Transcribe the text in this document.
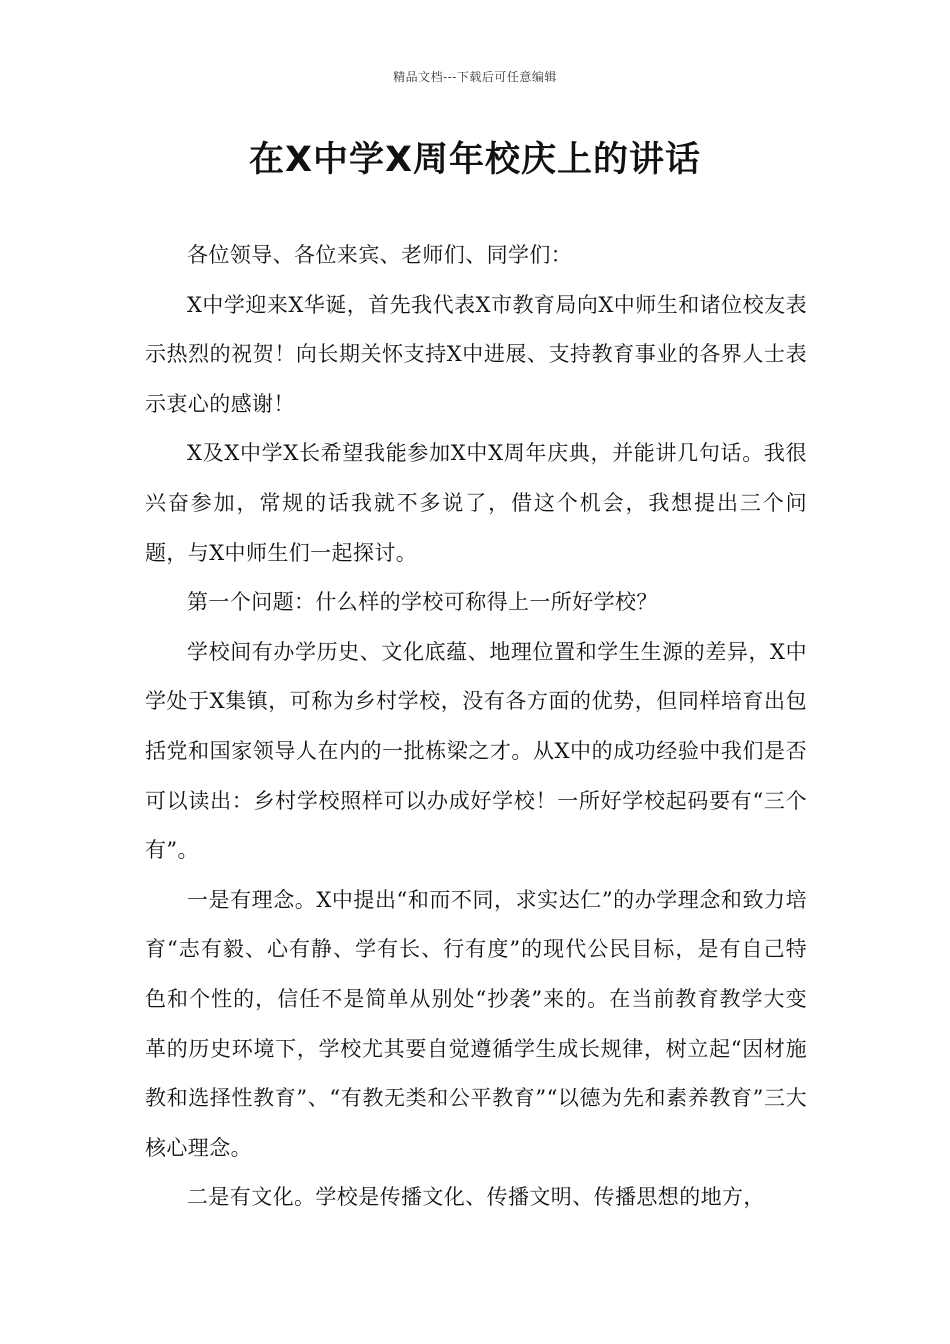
精品文档---下载后可任意编辑
在X中学X周年校庆上的讲话

各位领导、各位来宾、老师们、同学们：

X中学迎来X华诞，首先我代表X市教育局向X中师生和诸位校友表示热烈的祝贺！向长期关怀支持X中进展、支持教育事业的各界人士表示衷心的感谢！

X及X中学X长希望我能参加X中X周年庆典，并能讲几句话。我很兴奋参加，常规的话我就不多说了，借这个机会，我想提出三个问题，与X中师生们一起探讨。

第一个问题：什么样的学校可称得上一所好学校？

学校间有办学历史、文化底蕴、地理位置和学生生源的差异，X中学处于X集镇，可称为乡村学校，没有各方面的优势，但同样培育出包括党和国家领导人在内的一批栋梁之才。从X中的成功经验中我们是否可以读出：乡村学校照样可以办成好学校！一所好学校起码要有“三个有”。

一是有理念。X中提出“和而不同，求实达仁”的办学理念和致力培育“志有毅、心有静、学有长、行有度”的现代公民目标，是有自己特色和个性的，信任不是简单从别处“抄袭”来的。在当前教育教学大变革的历史环境下，学校尤其要自觉遵循学生成长规律，树立起“因材施教和选择性教育”、“有教无类和公平教育”“以德为先和素养教育”三大核心理念。

二是有文化。学校是传播文化、传播文明、传播思想的地方，
